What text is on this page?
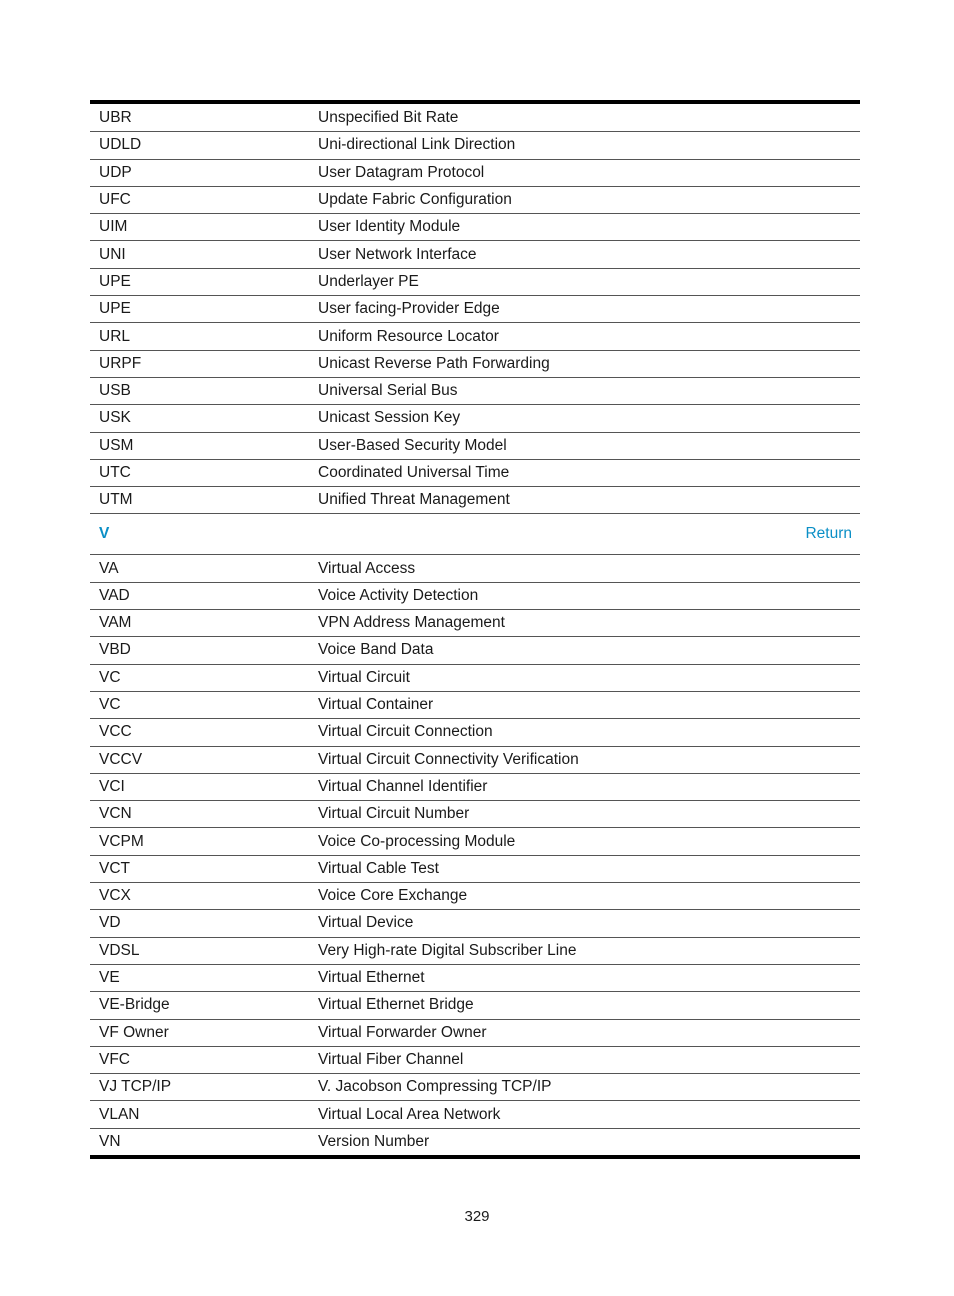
UBR	Unspecified Bit Rate
UDLD	Uni-directional Link Direction
UDP	User Datagram Protocol
UFC	Update Fabric Configuration
UIM	User Identity Module
UNI	User Network Interface
UPE	Underlayer PE
UPE	User facing-Provider Edge
URL	Uniform Resource Locator
URPF	Unicast Reverse Path Forwarding
USB	Universal Serial Bus
USK	Unicast Session Key
USM	User-Based Security Model
UTC	Coordinated Universal Time
UTM	Unified Threat Management
V	Return
VA	Virtual Access
VAD	Voice Activity Detection
VAM	VPN Address Management
VBD	Voice Band Data
VC	Virtual Circuit
VC	Virtual Container
VCC	Virtual Circuit Connection
VCCV	Virtual Circuit Connectivity Verification
VCI	Virtual Channel Identifier
VCN	Virtual Circuit Number
VCPM	Voice Co-processing Module
VCT	Virtual Cable Test
VCX	Voice Core Exchange
VD	Virtual Device
VDSL	Very High-rate Digital Subscriber Line
VE	Virtual Ethernet
VE-Bridge	Virtual Ethernet Bridge
VF Owner	Virtual Forwarder Owner
VFC	Virtual Fiber Channel
VJ TCP/IP	V. Jacobson Compressing TCP/IP
VLAN	Virtual Local Area Network
VN	Version Number
329
